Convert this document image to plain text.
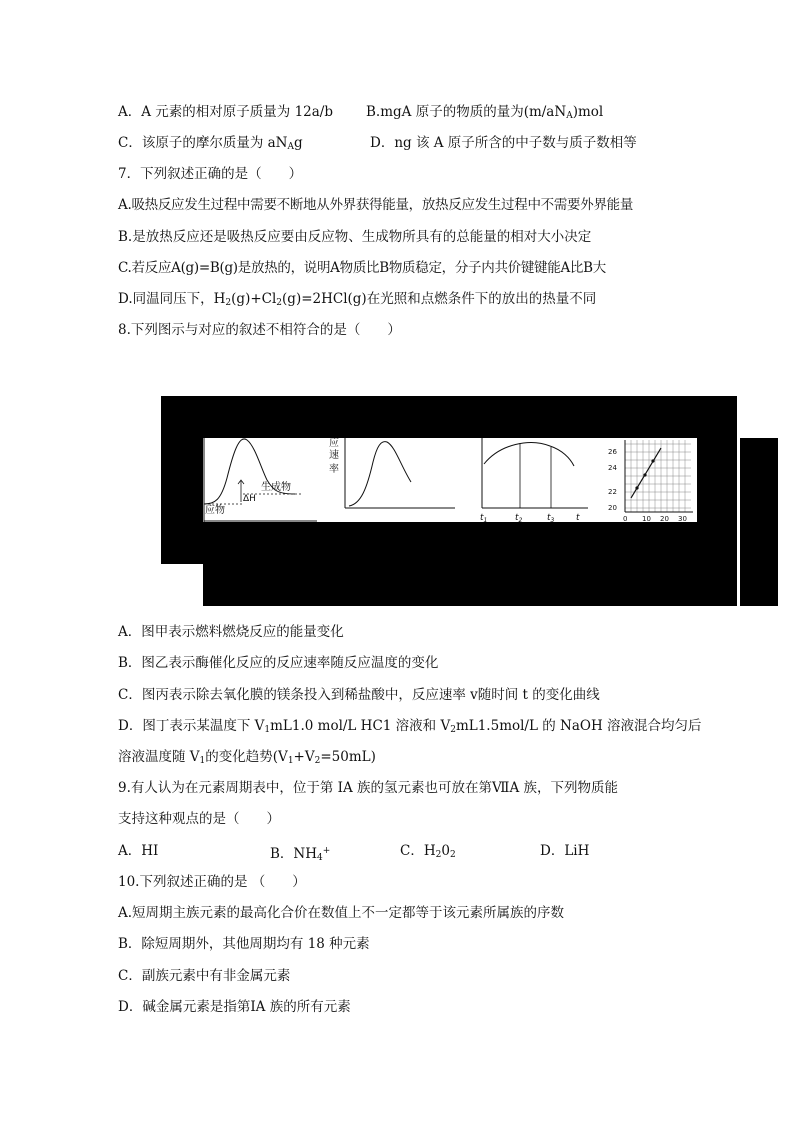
A．A 元素的相对原子质量为 12a/b B.mgA 原子的物质的量为$(m/aN_A)mol$
C．该原子的摩尔质量为 $aN_Ag$	D．ng 该 A 原子所含的中子数与质子数相等
7．下列叙述正确的是（　　）
A.吸热反应发生过程中需要不断地从外界获得能量，放热反应发生过程中不需要外界能量
B.是放热反应还是吸热反应要由反应物、生成物所具有的总能量的相对大小决定
C.若反应A(g)=B(g)是放热的，说明A物质比B物质稳定，分子内共价键键能A比B大
D.同温同压下，$H_2(g)+Cl_2(g)=2HCl(g)$在光照和点燃条件下的放出的热量不同
8.下列图示与对应的叙述不相符合的是（　　）
生成物
ΔH
应物
应
速
率
$t_1$	$t_2$	$t_3$ t
26
24
22
20
0 10 20 30
A．图甲表示燃料燃烧反应的能量变化
B．图乙表示酶催化反应的反应速率随反应温度的变化
C．图丙表示除去氧化膜的镁条投入到稀盐酸中，反应速率 v随时间 t 的变化曲线
D．图丁表示某温度下 $V_1mL1.0$ mol/L HC1 溶液和 $V_2mL1.5mol/L$ 的 NaOH 溶液混合均匀后
溶液温度随 $V_1$的变化趋势$(V_1+V_2=50mL)$
9.有人认为在元素周期表中，位于第 IA 族的氢元素也可放在第ⅦA 族，下列物质能
支持这种观点的是（　　）
A．HI	B．$NH_4^+$	C．$H_20_2$	D．LiH
10.下列叙述正确的是 （　　）
A.短周期主族元素的最高化合价在数值上不一定都等于该元素所属族的序数
B．除短周期外，其他周期均有 18 种元素
C．副族元素中有非金属元素
D．碱金属元素是指第ⅠA 族的所有元素
